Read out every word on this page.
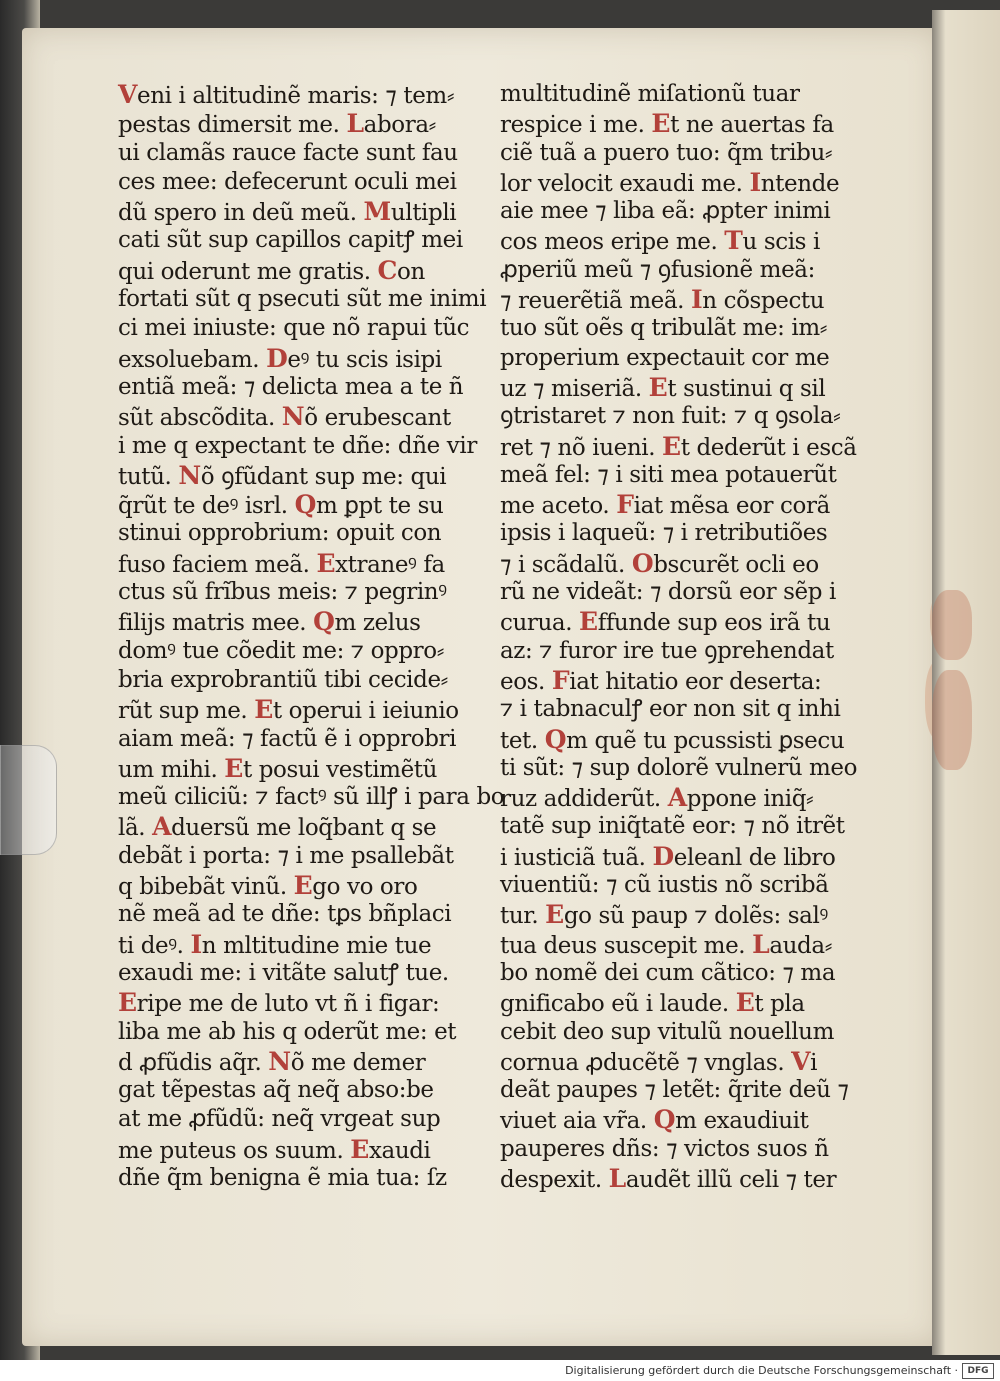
Veni i altitudinẽ maris: ⁊ tem⸗
pestas dimersit me. Labora⸗
ui clamãs rauce facte sunt fau
ces mee: defecerunt oculi mei
dũ spero in deũ meũ. Multipli
cati sũt sup capillos capitꝭ mei
qui oderunt me gratis. Con
fortati sũt q psecuti sũt me inimi
ci mei iniuste: que nõ rapui tũc
exsoluebam. Deꝰ tu scis isipi
entiã meã: ⁊ delicta mea a te ñ
sũt abscõdita. Nõ erubescant
i me q expectant te dñe: dñe vir
tutũ. Nõ ꝯfũdant sup me: qui
q̃rũt te deꝰ isrl. Qm ꝑpt te su
stinui opprobrium: opuit con
fuso faciem meã. Extraneꝰ fa
ctus sũ frĩbus meis: ⁊ pegrinꝰ
filijs matris mee. Qm zelus
domꝰ tue cõedit me: ⁊ oppro⸗
bria exprobrantiũ tibi cecide⸗
rũt sup me. Et operui i ieiunio
aiam meã: ⁊ factũ ẽ i opprobri
um mihi. Et posui vestimẽtũ
meũ ciliciũ: ⁊ factꝰ sũ illꝭ i para bo
lã. Aduersũ me loq̃bant q se
debãt i porta: ⁊ i me psallebãt
q bibebãt vinũ. Ego vo oro
nẽ meã ad te dñe: tꝑs bñplaci
ti deꝰ. In mltitudine mie tue
exaudi me: i vitãte salutꝭ tue.
Eripe me de luto vt ñ i figar:
liba me ab his q oderũt me: et
d ꝓfũdis aq̃r. Nõ me demer
gat tẽpestas aq̃ neq̃ abso:be
at me ꝓfũdũ: neq̃ vrgeat sup
me puteus os suum. Exaudi
dñe q̃m benigna ẽ mia tua: ſz
multitudinẽ miſationũ tuar
respice i me. Et ne auertas fa
ciẽ tuã a puero tuo: q̃m tribu⸗
lor velocit exaudi me. Intende
aie mee ⁊ liba eã: ꝓpter inimi
cos meos eripe me. Tu scis i
ꝓperiũ meũ ⁊ ꝯfusionẽ meã:
⁊ reuerẽtiã meã. In cõspectu
tuo sũt oẽs q tribulãt me: im⸗
properium expectauit cor me
uz ⁊ miseriã. Et sustinui q sil
ꝯtristaret ⁊ non fuit: ⁊ q ꝯsola⸗
ret ⁊ nõ iueni. Et dederũt i escã
meã fel: ⁊ i siti mea potauerũt
me aceto. Fiat mẽsa eor corã
ipsis i laqueũ: ⁊ i retributiões
⁊ i scãdalũ. Obscurẽt ocli eo
rũ ne videãt: ⁊ dorsũ eor sẽp i
curua. Effunde sup eos irã tu
az: ⁊ furor ire tue ꝯprehendat
eos. Fiat hitatio eor deserta:
⁊ i tabnaculꝭ eor non sit q inhi
tet. Qm quẽ tu pcussisti ꝑsecu
ti sũt: ⁊ sup dolorẽ vulnerũ meo
ruz addiderũt. Appone iniq̃⸗
tatẽ sup iniq̃tatẽ eor: ⁊ nõ itrẽt
i iusticiã tuã. Deleanl de libro
viuentiũ: ⁊ cũ iustis nõ scribã
tur. Ego sũ paup ⁊ dolẽs: salꝰ
tua deus suscepit me. Lauda⸗
bo nomẽ dei cum cãtico: ⁊ ma
gnificabo eũ i laude. Et pla
cebit deo sup vitulũ nouellum
cornua ꝓducẽtẽ ⁊ vnglas. Vi
deãt paupes ⁊ letẽt: q̃rite deũ ⁊
viuet aia vr̃a. Qm exaudiuit
pauperes dñs: ⁊ victos suos ñ
despexit. Laudẽt illũ celi ⁊ ter
Digitalisierung gefördert durch die Deutsche Forschungsgemeinschaft ·	DFG
